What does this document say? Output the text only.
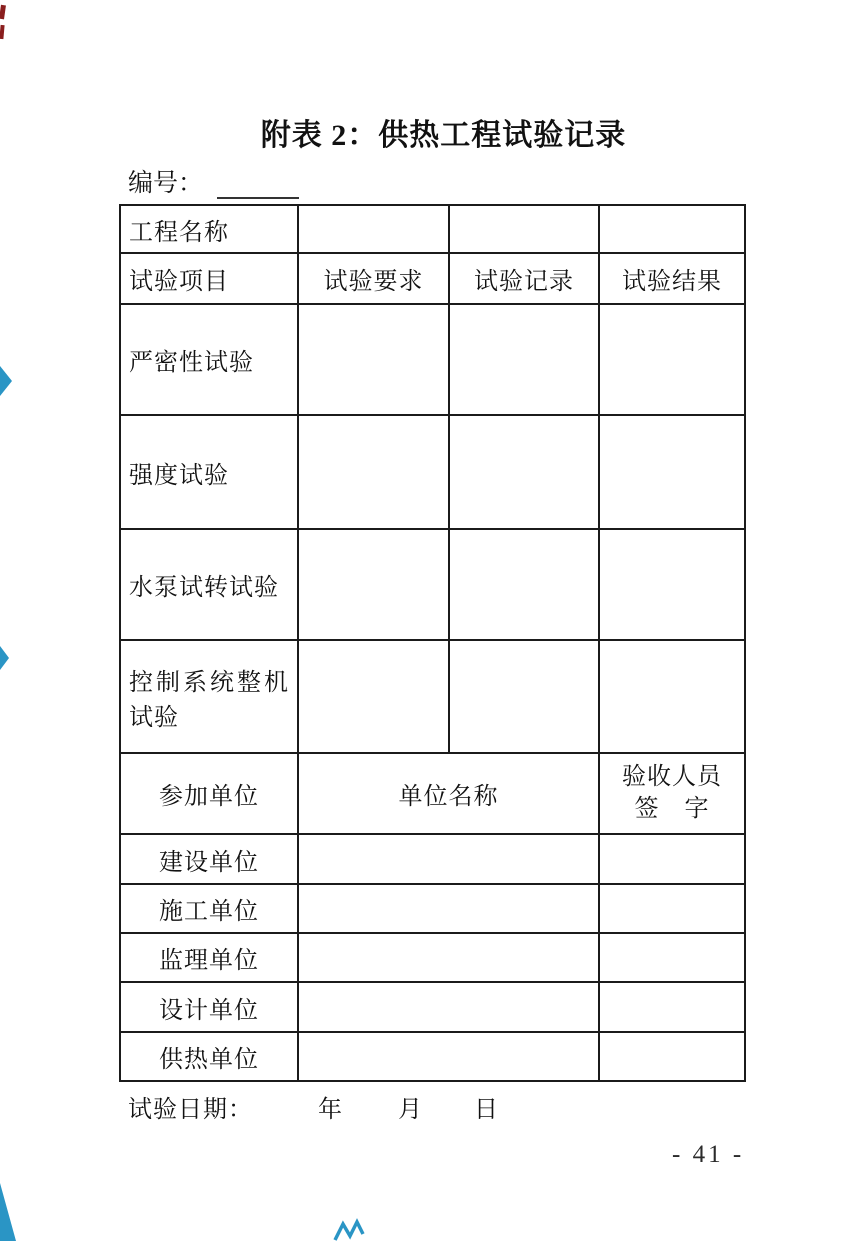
附表 2：供热工程试验记录
编号：
工程名称			
试验项目	试验要求	试验记录	试验结果
严密性试验			
强度试验			
水泵试转试验			

控制系统整机
试验			

参加单位	单位名称		验收人员
签　字

建设单位			
施工单位			
监理单位			
设计单位			
供热单位			
试验日期：	年 月 日
- 41 -
